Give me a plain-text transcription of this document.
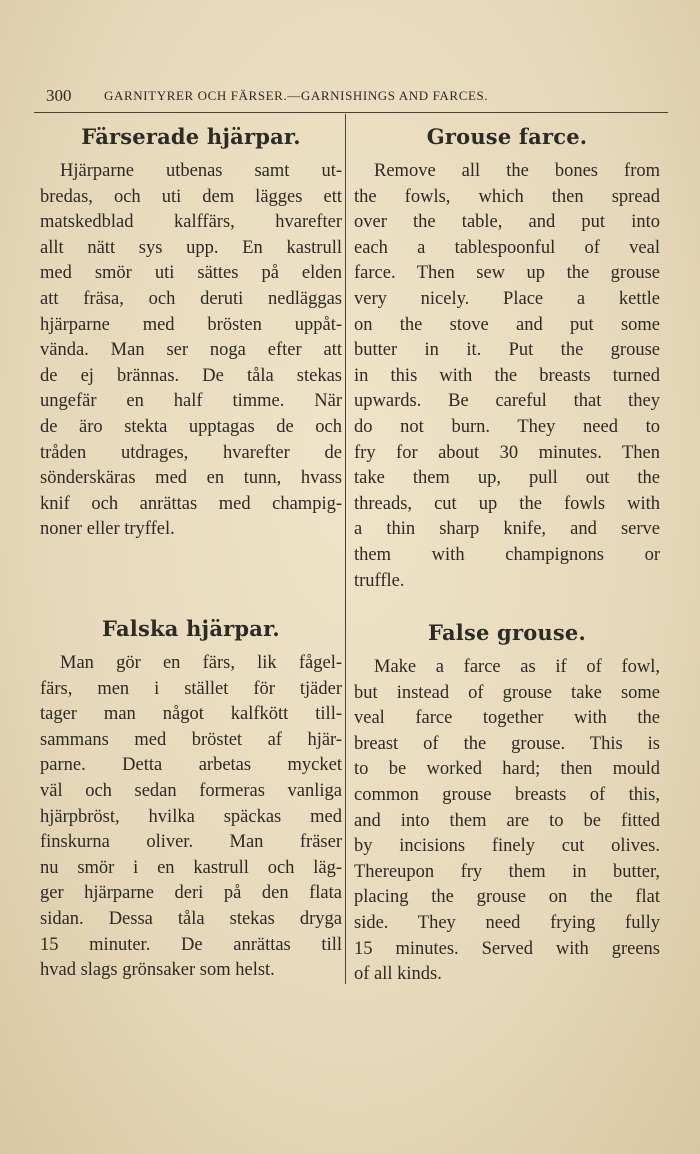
300	GARNITYRER OCH FÄRSER.—GARNISHINGS AND FARCES.
Färserade hjärpar.
Hjärparne utbenas samt ut-
bredas, och uti dem lägges ett
matskedblad kalffärs, hvarefter
allt nätt sys upp. En kastrull
med smör uti sättes på elden
att fräsa, och deruti nedläggas
hjärparne med brösten uppåt-
vända. Man ser noga efter att
de ej brännas. De tåla stekas
ungefär en half timme. När
de äro stekta upptagas de och
tråden utdrages, hvarefter de
sönderskäras med en tunn, hvass
knif och anrättas med champig-
noner eller tryffel.
Falska hjärpar.
Man gör en färs, lik fågel-
färs, men i stället för tjäder
tager man något kalfkött till-
sammans med bröstet af hjär-
parne. Detta arbetas mycket
väl och sedan formeras vanliga
hjärpbröst, hvilka späckas med
finskurna oliver. Man fräser
nu smör i en kastrull och läg-
ger hjärparne deri på den flata
sidan. Dessa tåla stekas dryga
15 minuter. De anrättas till
hvad slags grönsaker som helst.
Grouse farce.
Remove all the bones from
the fowls, which then spread
over the table, and put into
each a tablespoonful of veal
farce. Then sew up the grouse
very nicely. Place a kettle
on the stove and put some
butter in it. Put the grouse
in this with the breasts turned
upwards. Be careful that they
do not burn. They need to
fry for about 30 minutes. Then
take them up, pull out the
threads, cut up the fowls with
a thin sharp knife, and serve
them with champignons or
truffle.
False grouse.
Make a farce as if of fowl,
but instead of grouse take some
veal farce together with the
breast of the grouse. This is
to be worked hard; then mould
common grouse breasts of this,
and into them are to be fitted
by incisions finely cut olives.
Thereupon fry them in butter,
placing the grouse on the flat
side. They need frying fully
15 minutes. Served with greens
of all kinds.
